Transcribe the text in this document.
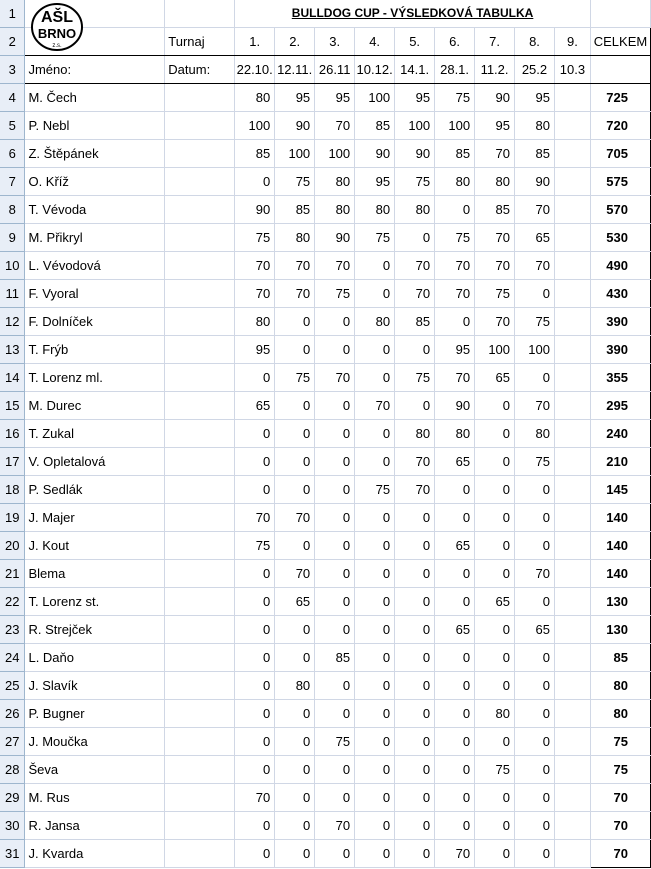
1			BULLDOG CUP - VÝSLEDKOVÁ TABULKA									
2		Turnaj	1.	2.	3.	4.	5.	6.	7.	8.	9.	CELKEM
3	Jméno:	Datum:	22.10.	12.11.	26.11	10.12.	14.1.	28.1.	11.2.	25.2	10.3	
4	M. Čech		80	95	95	100	95	75	90	95		725
5	P. Nebl		100	90	70	85	100	100	95	80		720
6	Z. Štěpánek		85	100	100	90	90	85	70	85		705
7	O. Kříž		0	75	80	95	75	80	80	90		575
8	T. Vévoda		90	85	80	80	80	0	85	70		570
9	M. Přikryl		75	80	90	75	0	75	70	65		530
10	L. Vévodová		70	70	70	0	70	70	70	70		490
11	F. Vyoral		70	70	75	0	70	70	75	0		430
12	F. Dolníček		80	0	0	80	85	0	70	75		390
13	T. Frýb		95	0	0	0	0	95	100	100		390
14	T. Lorenz ml.		0	75	70	0	75	70	65	0		355
15	M. Durec		65	0	0	70	0	90	0	70		295
16	T. Zukal		0	0	0	0	80	80	0	80		240
17	V. Opletalová		0	0	0	0	70	65	0	75		210
18	P. Sedlák		0	0	0	75	70	0	0	0		145
19	J. Majer		70	70	0	0	0	0	0	0		140
20	J. Kout		75	0	0	0	0	65	0	0		140
21	Blema		0	70	0	0	0	0	0	70		140
22	T. Lorenz st.		0	65	0	0	0	0	65	0		130
23	R. Strejček		0	0	0	0	0	65	0	65		130
24	L. Daňo		0	0	85	0	0	0	0	0		85
25	J. Slavík		0	80	0	0	0	0	0	0		80
26	P. Bugner		0	0	0	0	0	0	80	0		80
27	J. Moučka		0	0	75	0	0	0	0	0		75
28	Ševa		0	0	0	0	0	0	75	0		75
29	M. Rus		70	0	0	0	0	0	0	0		70
30	R. Jansa		0	0	70	0	0	0	0	0		70
31	J. Kvarda		0	0	0	0	0	70	0	0		70
AŠL
BRNO
z.s.
